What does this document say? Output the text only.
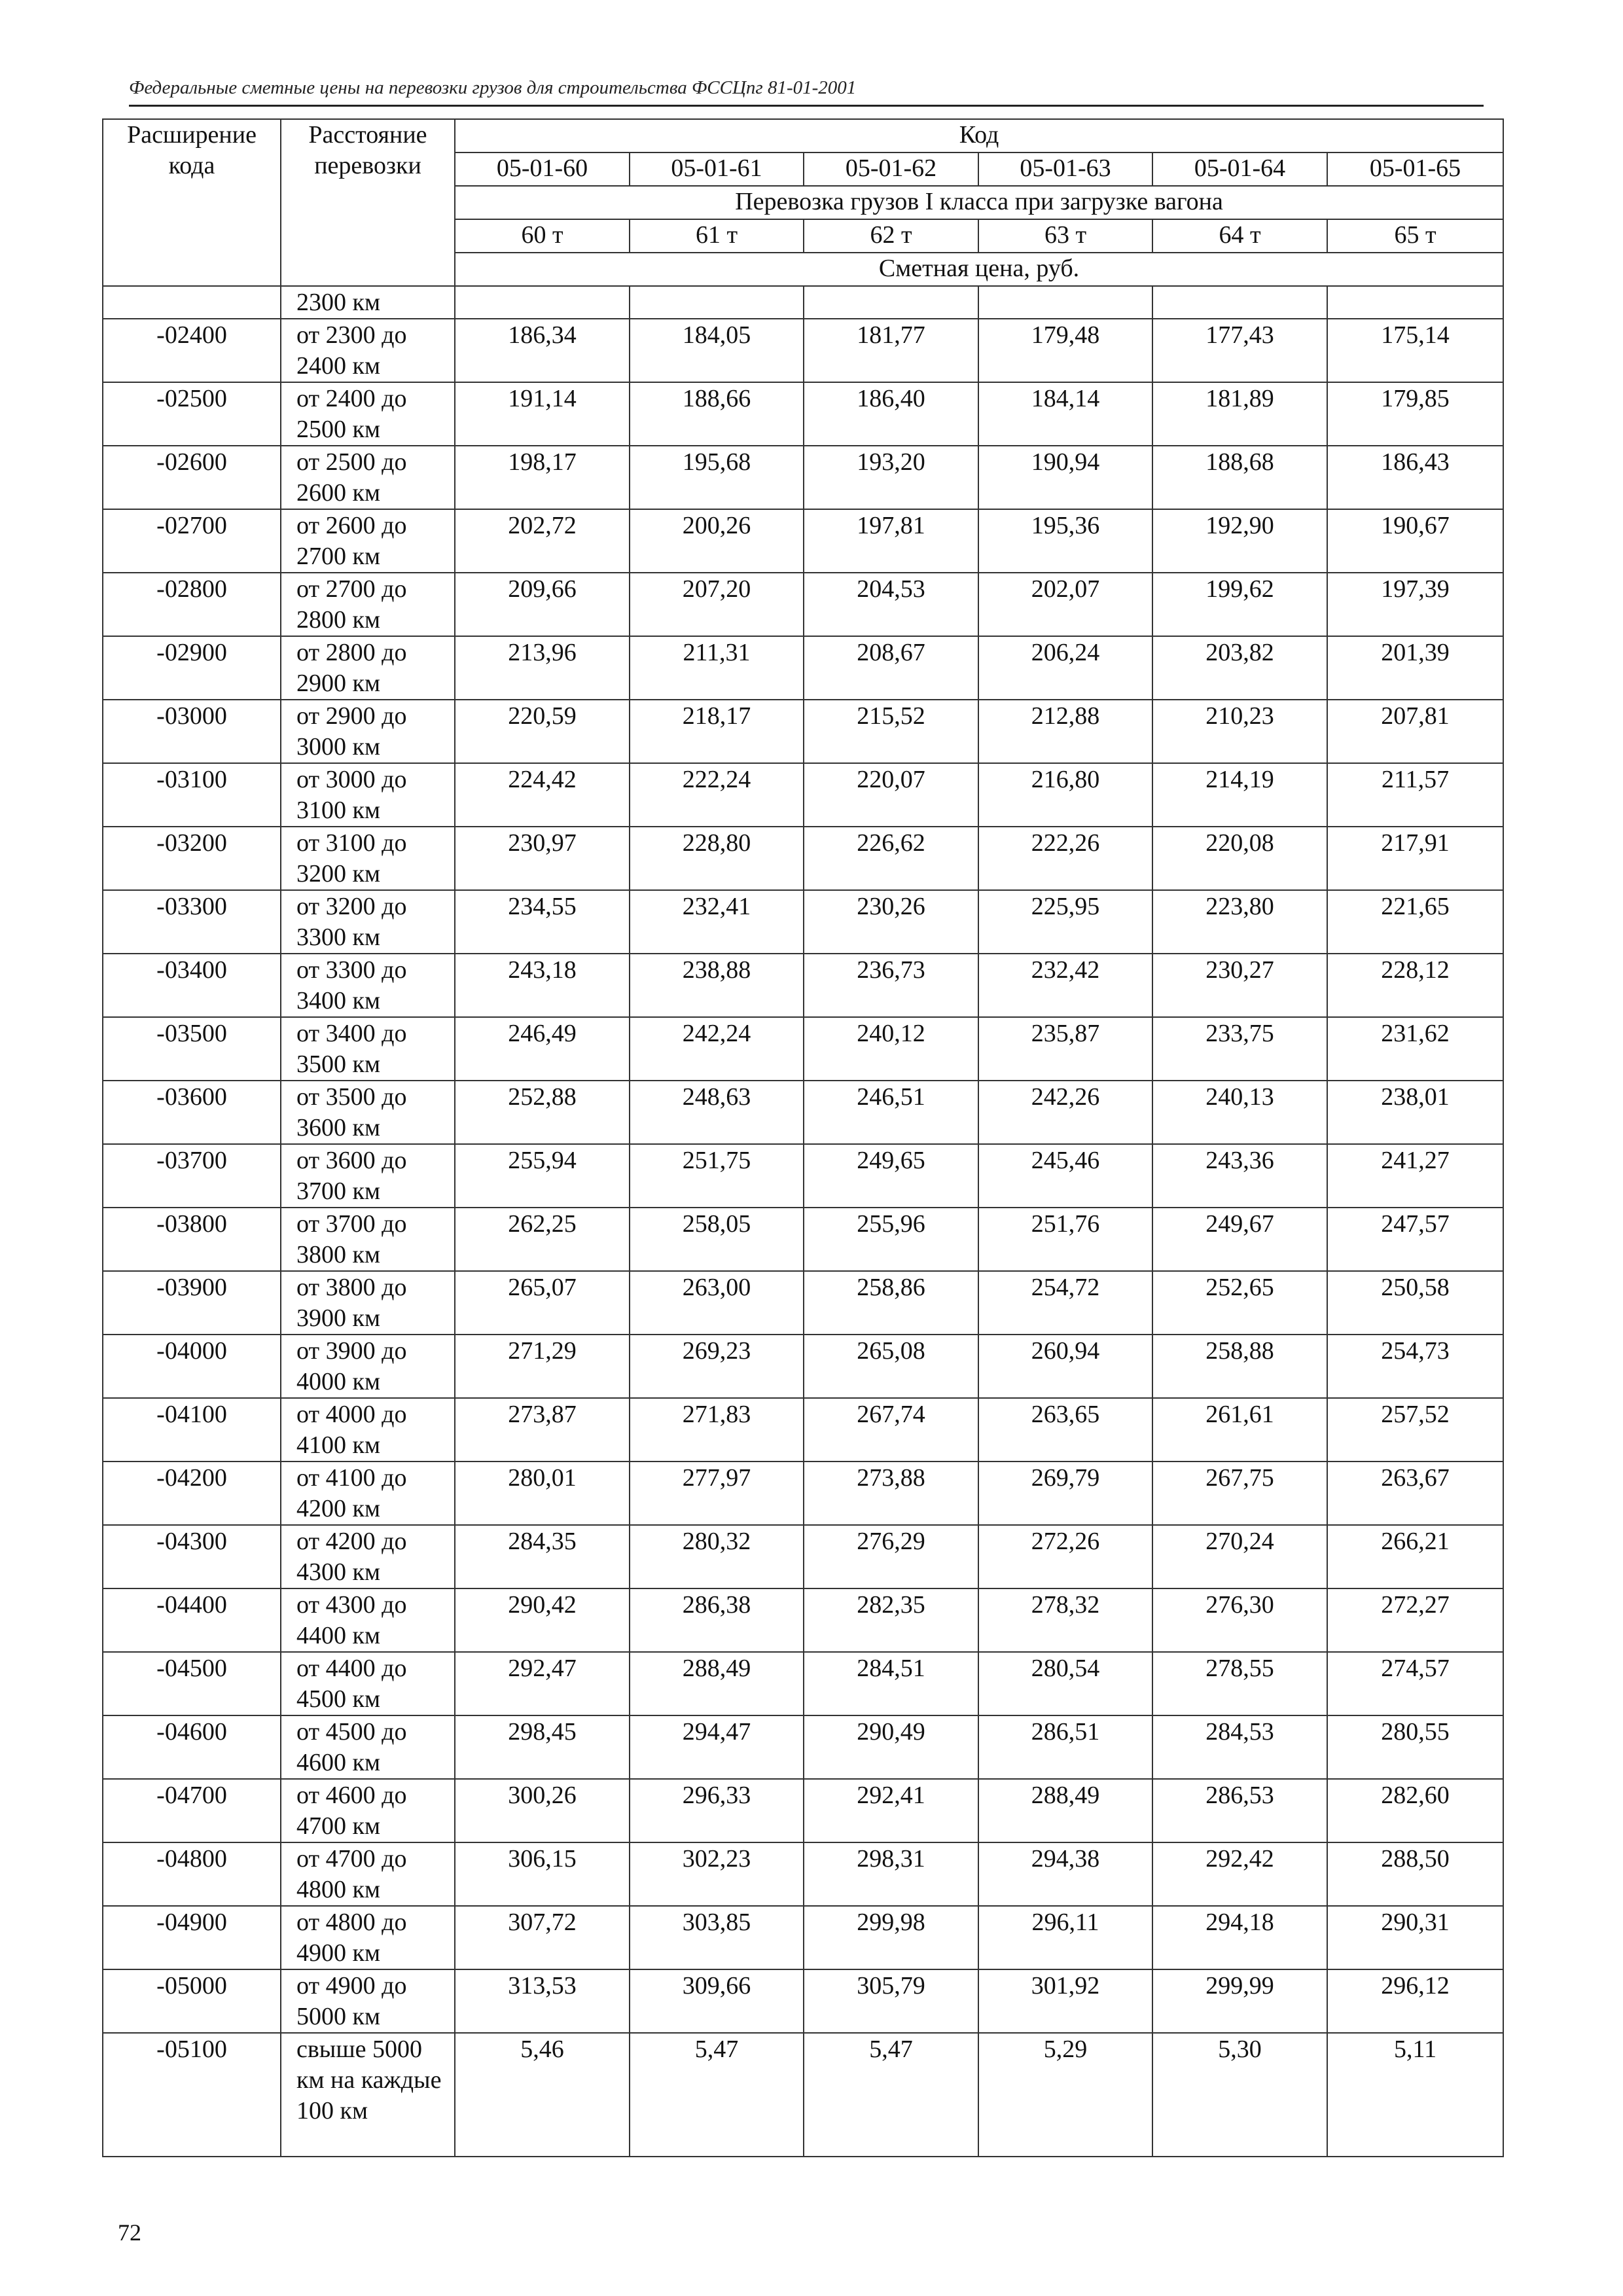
Федеральные сметные цены на перевозки грузов для строительства ФССЦпг 81-01-2001
Расширение кода	Расстояние перевозки	Код					
		05-01-60	05-01-61	05-01-62	05-01-63	05-01-64	05-01-65
		Перевозка грузов I класса при загрузке вагона					
		60 т	61 т	62 т	63 т	64 т	65 т
		Сметная цена, руб.					
	2300 км						
-02400	от 2300 до 2400 км	186,34	184,05	181,77	179,48	177,43	175,14
-02500	от 2400 до 2500 км	191,14	188,66	186,40	184,14	181,89	179,85
-02600	от 2500 до 2600 км	198,17	195,68	193,20	190,94	188,68	186,43
-02700	от 2600 до 2700 км	202,72	200,26	197,81	195,36	192,90	190,67
-02800	от 2700 до 2800 км	209,66	207,20	204,53	202,07	199,62	197,39
-02900	от 2800 до 2900 км	213,96	211,31	208,67	206,24	203,82	201,39
-03000	от 2900 до 3000 км	220,59	218,17	215,52	212,88	210,23	207,81
-03100	от 3000 до 3100 км	224,42	222,24	220,07	216,80	214,19	211,57
-03200	от 3100 до 3200 км	230,97	228,80	226,62	222,26	220,08	217,91
-03300	от 3200 до 3300 км	234,55	232,41	230,26	225,95	223,80	221,65
-03400	от 3300 до 3400 км	243,18	238,88	236,73	232,42	230,27	228,12
-03500	от 3400 до 3500 км	246,49	242,24	240,12	235,87	233,75	231,62
-03600	от 3500 до 3600 км	252,88	248,63	246,51	242,26	240,13	238,01
-03700	от 3600 до 3700 км	255,94	251,75	249,65	245,46	243,36	241,27
-03800	от 3700 до 3800 км	262,25	258,05	255,96	251,76	249,67	247,57
-03900	от 3800 до 3900 км	265,07	263,00	258,86	254,72	252,65	250,58
-04000	от 3900 до 4000 км	271,29	269,23	265,08	260,94	258,88	254,73
-04100	от 4000 до 4100 км	273,87	271,83	267,74	263,65	261,61	257,52
-04200	от 4100 до 4200 км	280,01	277,97	273,88	269,79	267,75	263,67
-04300	от 4200 до 4300 км	284,35	280,32	276,29	272,26	270,24	266,21
-04400	от 4300 до 4400 км	290,42	286,38	282,35	278,32	276,30	272,27
-04500	от 4400 до 4500 км	292,47	288,49	284,51	280,54	278,55	274,57
-04600	от 4500 до 4600 км	298,45	294,47	290,49	286,51	284,53	280,55
-04700	от 4600 до 4700 км	300,26	296,33	292,41	288,49	286,53	282,60
-04800	от 4700 до 4800 км	306,15	302,23	298,31	294,38	292,42	288,50
-04900	от 4800 до 4900 км	307,72	303,85	299,98	296,11	294,18	290,31
-05000	от 4900 до 5000 км	313,53	309,66	305,79	301,92	299,99	296,12
-05100	свыше 5000 км на каждые 100 км	5,46	5,47	5,47	5,29	5,30	5,11
72
